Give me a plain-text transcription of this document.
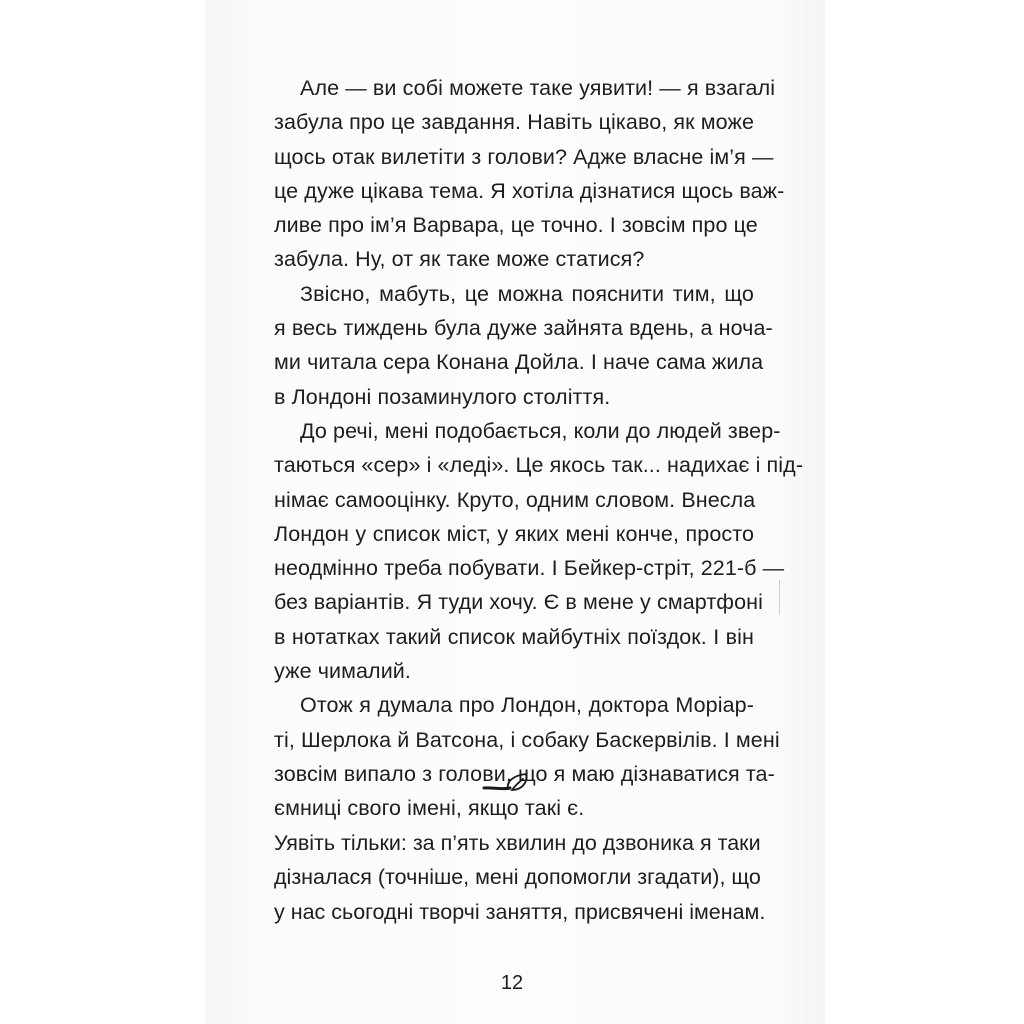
Але — ви собі можете таке уявити! — я взагалі
забула про це завдання. Навіть цікаво, як може
щось отак вилетіти з голови? Адже власне ім’я —
це дуже цікава тема. Я хотіла дізнатися щось важ-
ливе про ім’я Варвара, це точно. І зовсім про це
забула. Ну, от як таке може статися?

Звісно, мабуть, це можна пояснити тим, що
я весь тиждень була дуже зайнята вдень, а ноча-
ми читала сера Конана Дойла. І наче сама жила
в Лондоні позаминулого століття.

До речі, мені подобається, коли до людей звер-
таються «сер» і «леді». Це якось так... надихає і під-
німає самооцінку. Круто, одним словом. Внесла
Лондон у список міст, у яких мені конче, просто
неодмінно треба побувати. І Бейкер-стріт, 221-б —
без варіантів. Я туди хочу. Є в мене у смартфоні
в нотатках такий список майбутніх поїздок. І він
уже чималий.

Отож я думала про Лондон, доктора Моріар-
ті, Шерлока й Ватсона, і собаку Баскервілів. І мені
зовсім випало з голови, що я маю дізнаватися та-
ємниці свого імені, якщо такі є.

Уявіть тільки: за п’ять хвилин до дзвоника я таки
дізналася (точніше, мені допомогли згадати), що
у нас сьогодні творчі заняття, присвячені іменам.

12
